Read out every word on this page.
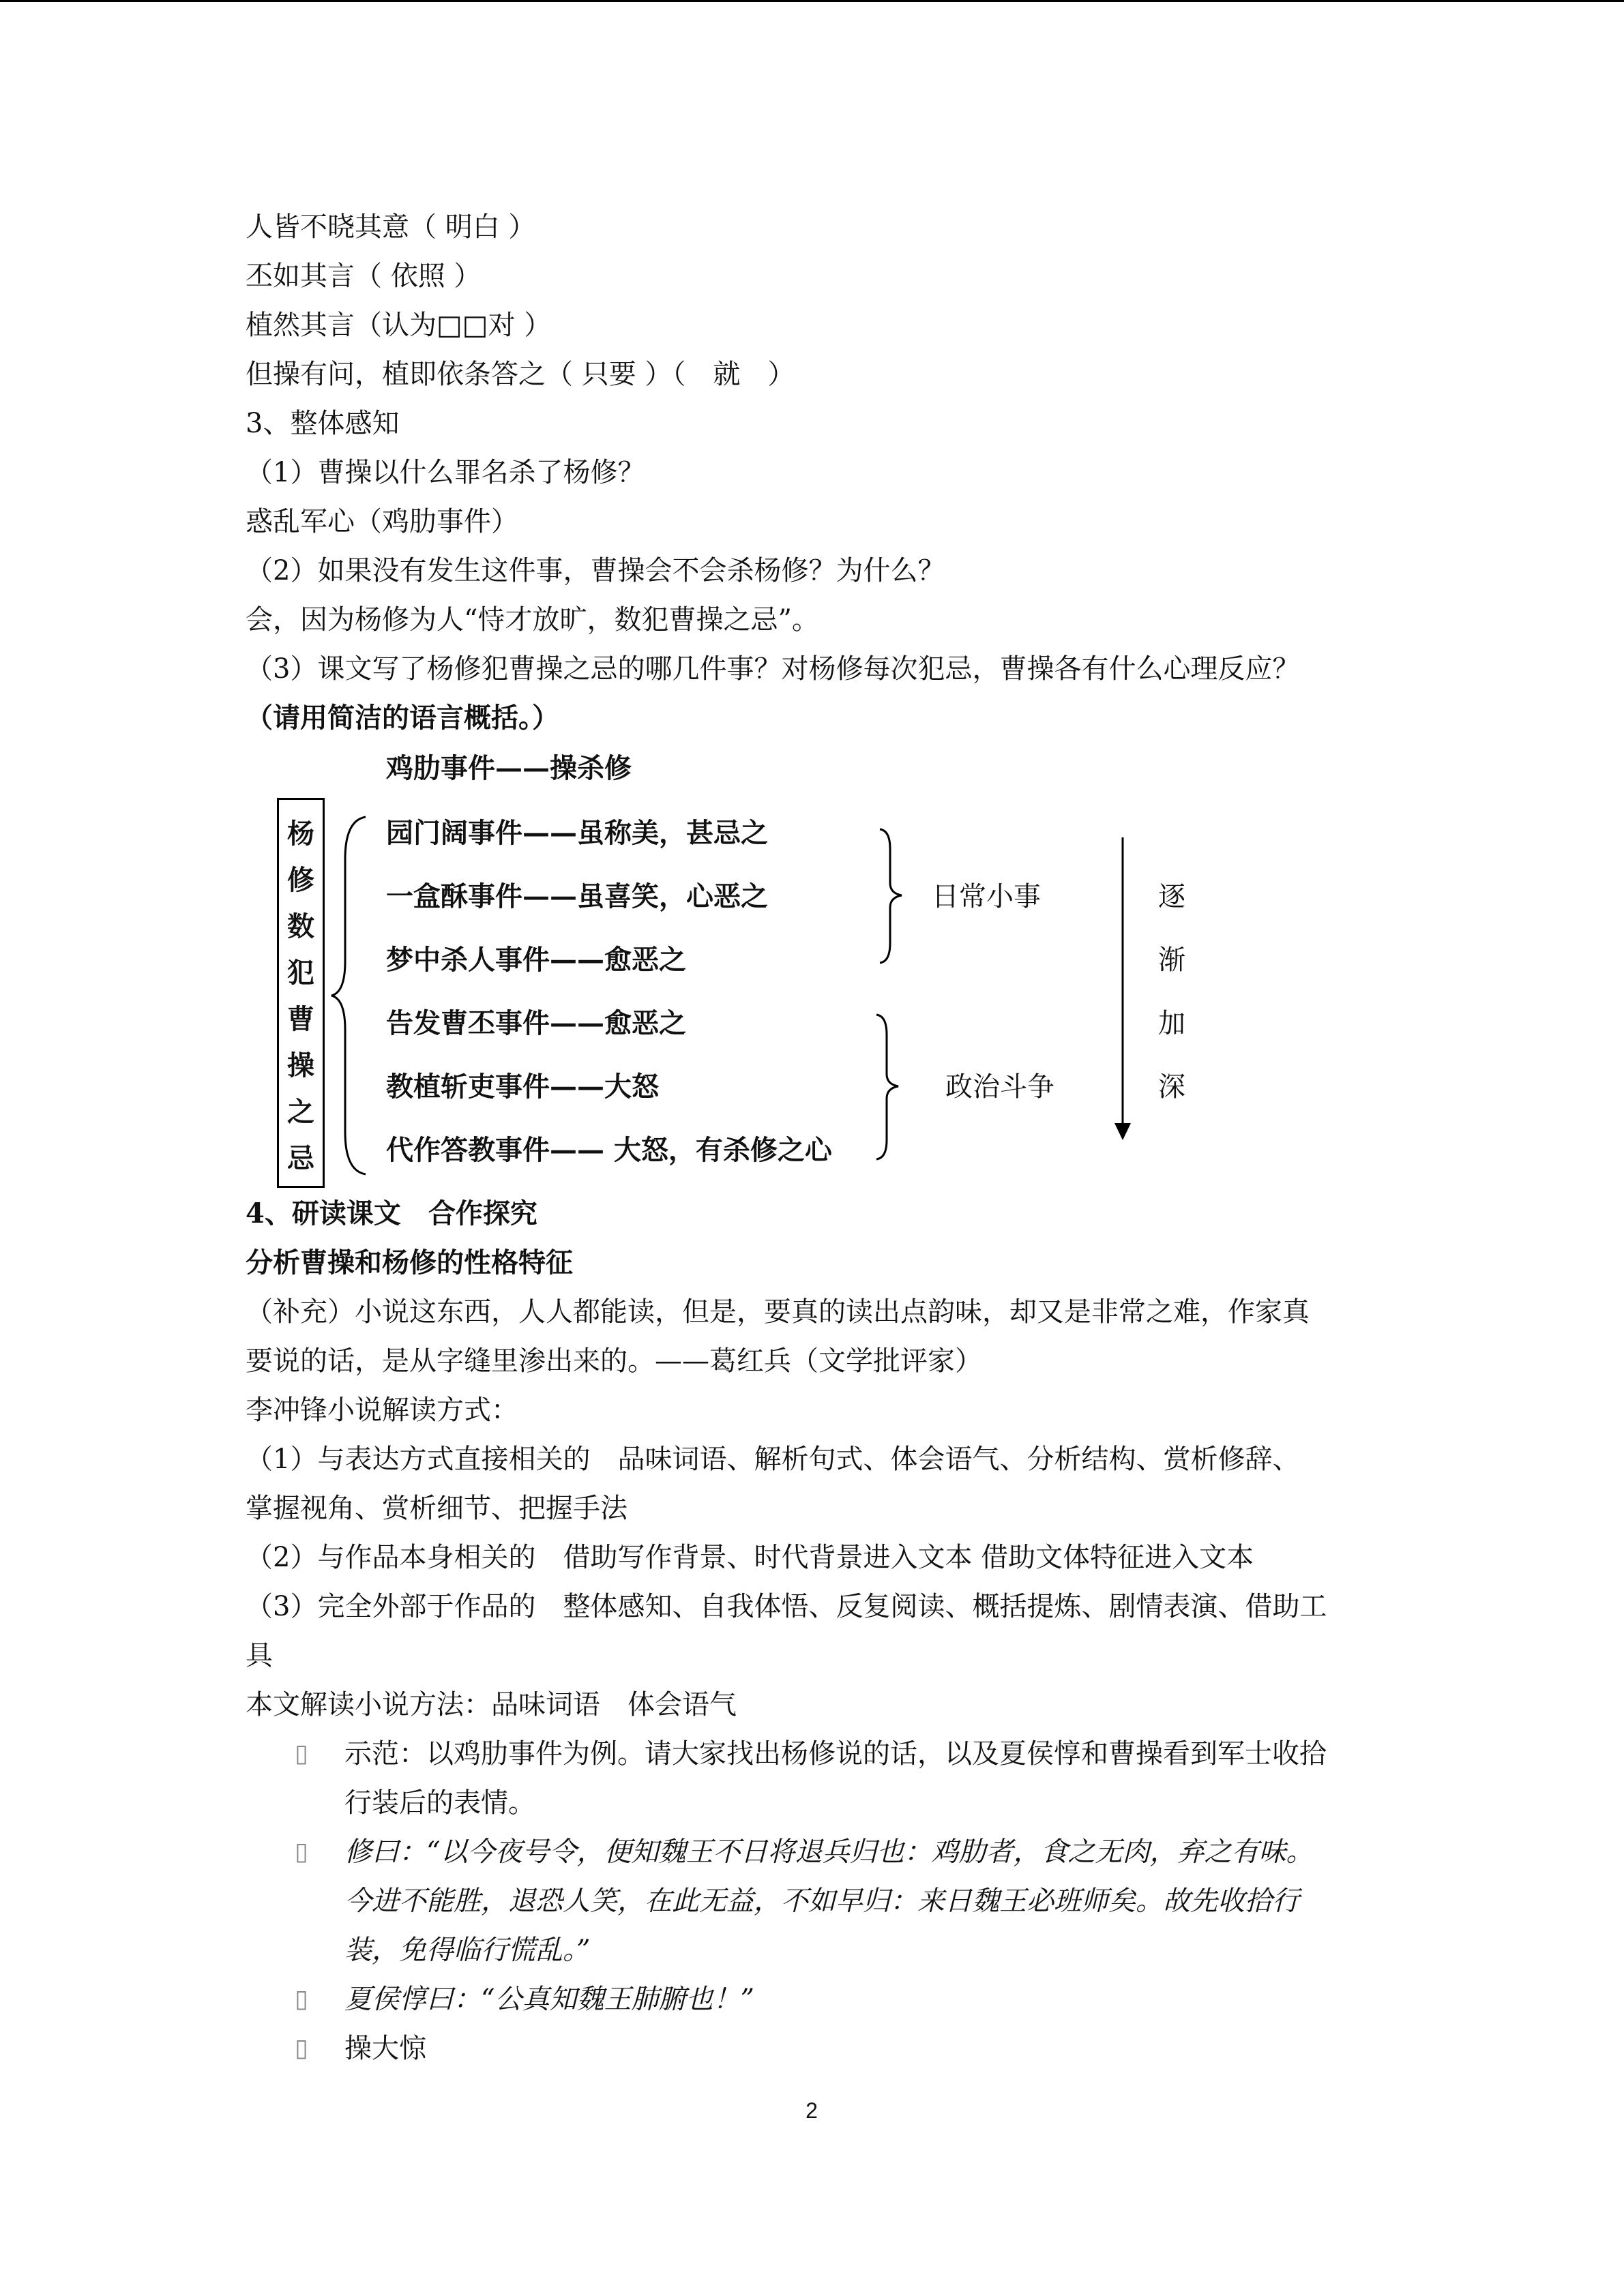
人皆不晓其意（ 明白 ）
丕如其言（ 依照 ）
植然其言（认为□□对 ）
但操有问，植即依条答之（ 只要 ）（　就　）
3、整体感知
（1）曹操以什么罪名杀了杨修？
惑乱军心（鸡肋事件）
（2）如果没有发生这件事，曹操会不会杀杨修？为什么？
会，因为杨修为人“恃才放旷，数犯曹操之忌”。
（3）课文写了杨修犯曹操之忌的哪几件事？对杨修每次犯忌，曹操各有什么心理反应？
（请用简洁的语言概括。）
鸡肋事件——操杀修
杨
修
数
犯
曹
操
之
忌
园门阔事件——虽称美，甚忌之
一盒酥事件——虽喜笑，心恶之
梦中杀人事件——愈恶之
告发曹丕事件——愈恶之
教植斩吏事件——大怒
代作答教事件—— 大怒，有杀修之心
日常小事
政治斗争
逐
渐
加
深
4、研读课文　合作探究
分析曹操和杨修的性格特征
（补充）小说这东西，人人都能读，但是，要真的读出点韵味，却又是非常之难，作家真
要说的话，是从字缝里渗出来的。——葛红兵（文学批评家）
李冲锋小说解读方式：
（1）与表达方式直接相关的　品味词语、解析句式、体会语气、分析结构、赏析修辞、
掌握视角、赏析细节、把握手法
（2）与作品本身相关的　借助写作背景、时代背景进入文本 借助文体特征进入文本
（3）完全外部于作品的　整体感知、自我体悟、反复阅读、概括提炼、剧情表演、借助工
具
本文解读小说方法：品味词语　体会语气
▯ 示范：以鸡肋事件为例。请大家找出杨修说的话，以及夏侯惇和曹操看到军士收拾
行装后的表情。
▯ 修曰：“以今夜号令，便知魏王不日将退兵归也：鸡肋者，食之无肉，弃之有味。
今进不能胜，退恐人笑，在此无益，不如早归：来日魏王必班师矣。故先收拾行
装，免得临行慌乱。”
▯ 夏侯惇曰：“公真知魏王肺腑也！”
▯ 操大惊
2
